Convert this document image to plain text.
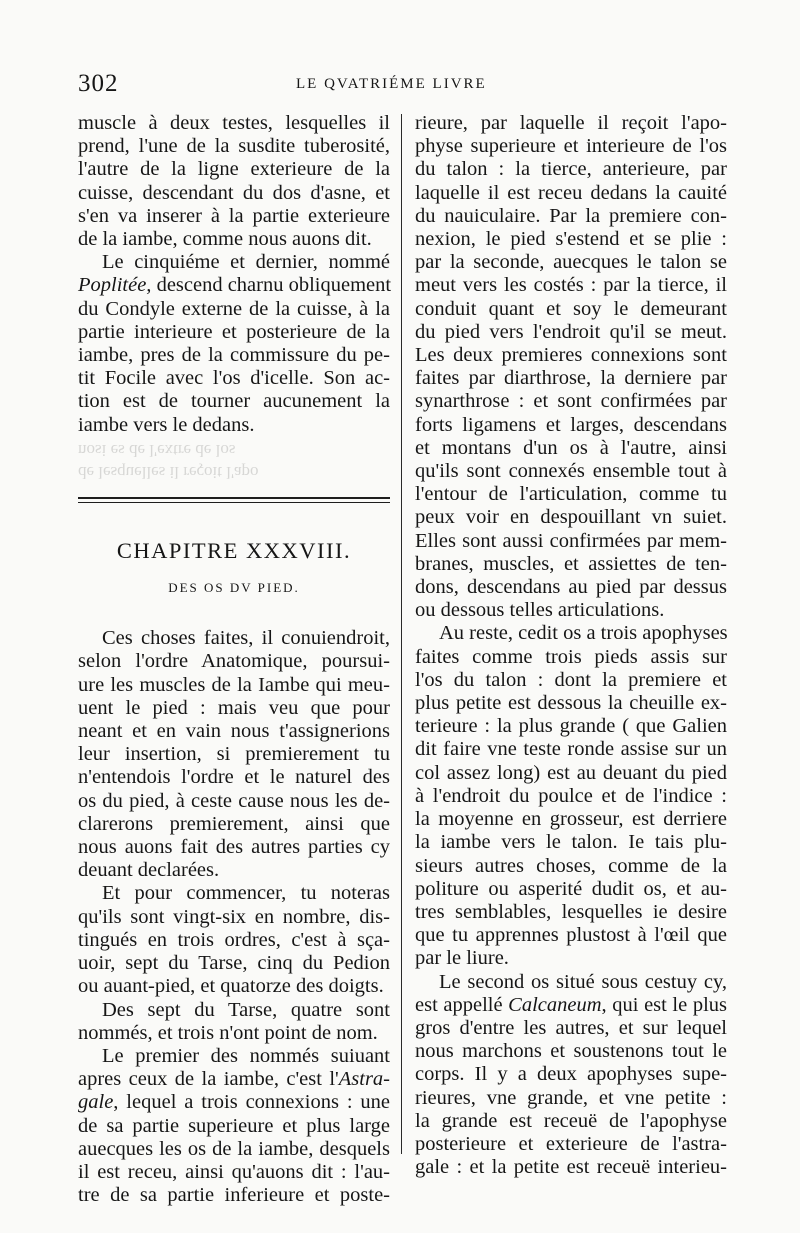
302	LE QVATRIÉME LIVRE

muscle à deux testes, lesquelles il
prend, l'une de la susdite tuberosité,
l'autre de la ligne exterieure de la
cuisse, descendant du dos d'asne, et
s'en va inserer à la partie exterieure
de la iambe, comme nous auons dit.

Le cinquiéme et dernier, nommé
Poplitée, descend charnu obliquement
du Condyle externe de la cuisse, à la
partie interieure et posterieure de la
iambe, pres de la commissure du pe-
tit Focile avec l'os d'icelle. Son ac-
tion est de tourner aucunement la
iambe vers le dedans.

de lesquelles il reçoit l'apo
nosi es de l'extre de los
CHAPITRE XXXVIII.
DES OS DV PIED.

Ces choses faites, il conuiendroit,
selon l'ordre Anatomique, poursui-
ure les muscles de la Iambe qui meu-
uent le pied : mais veu que pour
neant et en vain nous t'assignerions
leur insertion, si premierement tu
n'entendois l'ordre et le naturel des
os du pied, à ceste cause nous les de-
clarerons premierement, ainsi que
nous auons fait des autres parties cy
deuant declarées.

Et pour commencer, tu noteras
qu'ils sont vingt-six en nombre, dis-
tingués en trois ordres, c'est à sça-
uoir, sept du Tarse, cinq du Pedion
ou auant-pied, et quatorze des doigts.

Des sept du Tarse, quatre sont
nommés, et trois n'ont point de nom.

Le premier des nommés suiuant
apres ceux de la iambe, c'est l'Astra-
gale, lequel a trois connexions : une
de sa partie superieure et plus large
auecques les os de la iambe, desquels
il est receu, ainsi qu'auons dit : l'au-
tre de sa partie inferieure et poste-

rieure, par laquelle il reçoit l'apo-
physe superieure et interieure de l'os
du talon : la tierce, anterieure, par
laquelle il est receu dedans la cauité
du nauiculaire. Par la premiere con-
nexion, le pied s'estend et se plie :
par la seconde, auecques le talon se
meut vers les costés : par la tierce, il
conduit quant et soy le demeurant
du pied vers l'endroit qu'il se meut.
Les deux premieres connexions sont
faites par diarthrose, la derniere par
synarthrose : et sont confirmées par
forts ligamens et larges, descendans
et montans d'un os à l'autre, ainsi
qu'ils sont connexés ensemble tout à
l'entour de l'articulation, comme tu
peux voir en despouillant vn suiet.
Elles sont aussi confirmées par mem-
branes, muscles, et assiettes de ten-
dons, descendans au pied par dessus
ou dessous telles articulations.

Au reste, cedit os a trois apophyses
faites comme trois pieds assis sur
l'os du talon : dont la premiere et
plus petite est dessous la cheuille ex-
terieure : la plus grande ( que Galien
dit faire vne teste ronde assise sur un
col assez long) est au deuant du pied
à l'endroit du poulce et de l'indice :
la moyenne en grosseur, est derriere
la iambe vers le talon. Ie tais plu-
sieurs autres choses, comme de la
politure ou asperité dudit os, et au-
tres semblables, lesquelles ie desire
que tu apprennes plustost à l'œil que
par le liure.

Le second os situé sous cestuy cy,
est appellé Calcaneum, qui est le plus
gros d'entre les autres, et sur lequel
nous marchons et soustenons tout le
corps. Il y a deux apophyses supe-
rieures, vne grande, et vne petite :
la grande est receuë de l'apophyse
posterieure et exterieure de l'astra-
gale : et la petite est receuë interieu-
